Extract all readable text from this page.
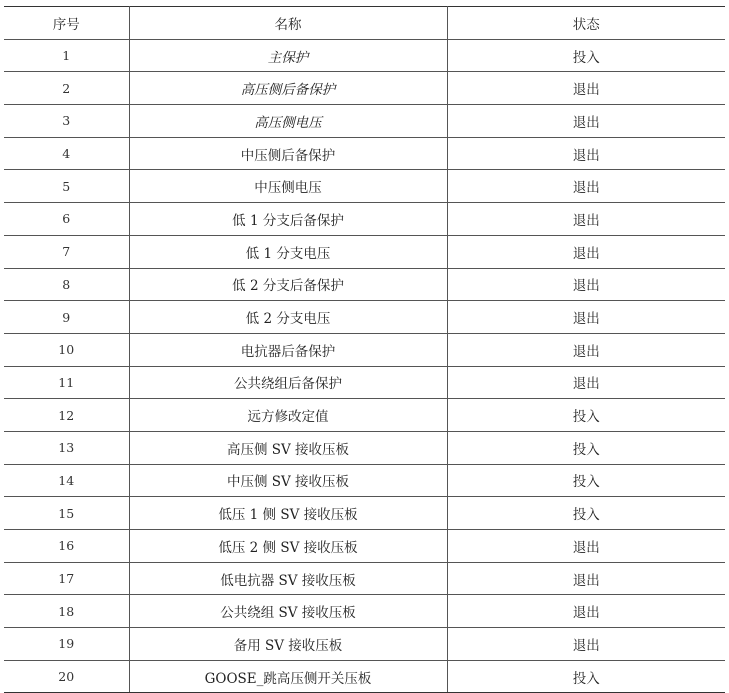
序号	名称	状态
1	主保护	投入
2	高压侧后备保护	退出
3	高压侧电压	退出
4	中压侧后备保护	退出
5	中压侧电压	退出
6	低 1 分支后备保护	退出
7	低 1 分支电压	退出
8	低 2 分支后备保护	退出
9	低 2 分支电压	退出
10	电抗器后备保护	退出
11	公共绕组后备保护	退出
12	远方修改定值	投入
13	高压侧 SV 接收压板	投入
14	中压侧 SV 接收压板	投入
15	低压 1 侧 SV 接收压板	投入
16	低压 2 侧 SV 接收压板	退出
17	低电抗器 SV 接收压板	退出
18	公共绕组 SV 接收压板	退出
19	备用 SV 接收压板	退出
20	GOOSE_跳高压侧开关压板	投入
